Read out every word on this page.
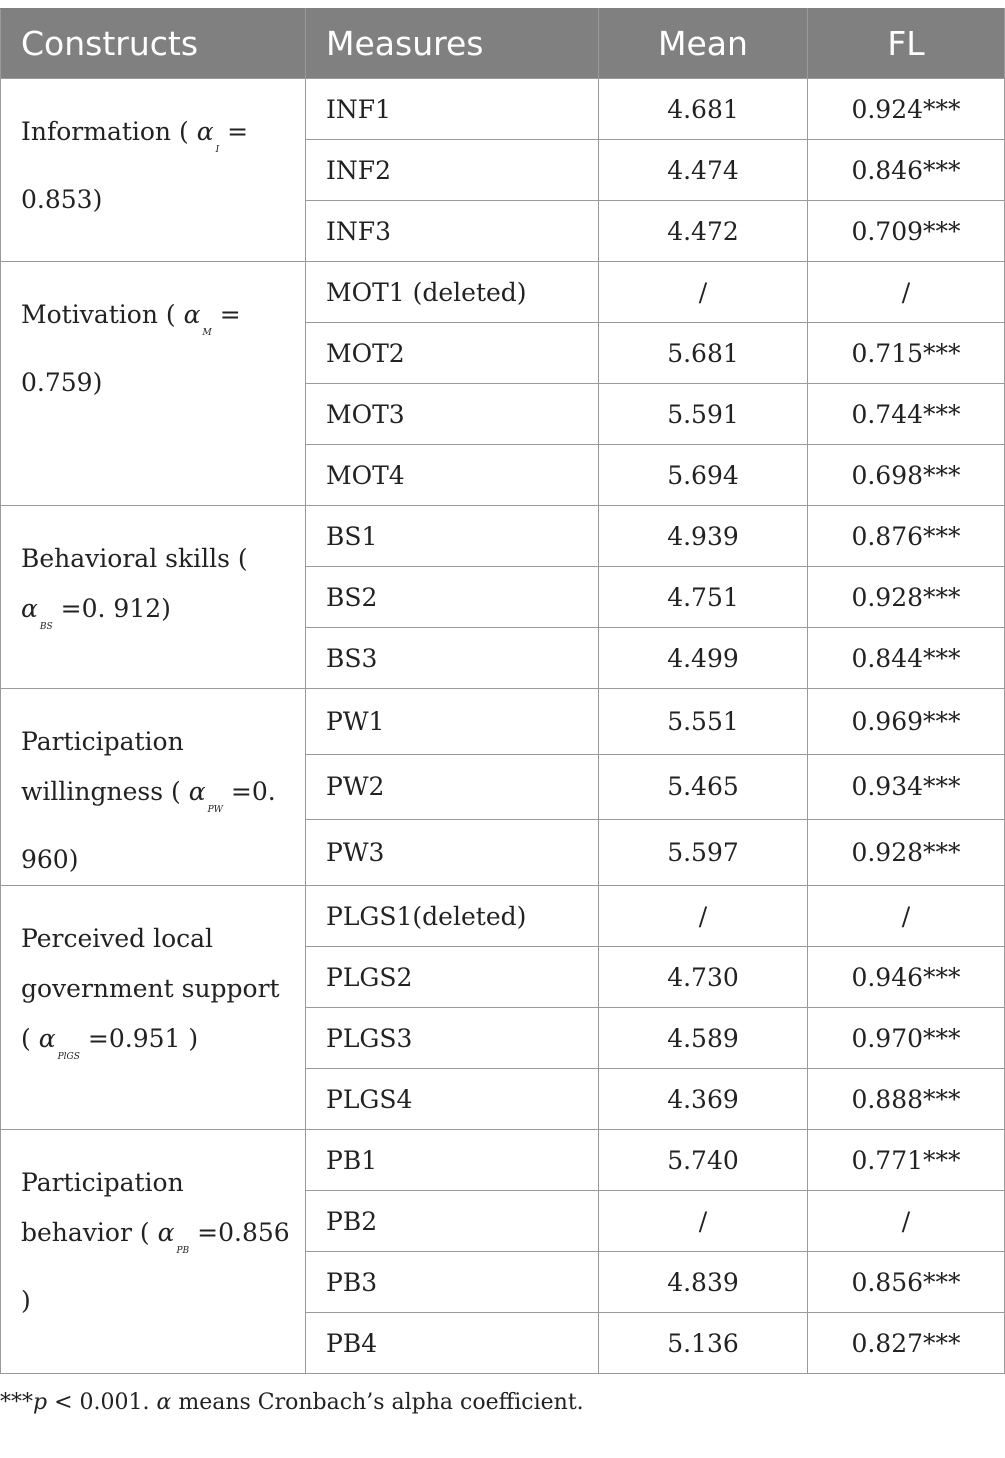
Constructs	Measures	Mean	FL
Information ( $\alpha_I= 0.853$)	INF1	4.681	0.924***
	INF2	4.474	0.846***
	INF3	4.472	0.709***
Motivation ( $\alpha_M= 0.759$)	MOT1 (deleted)	/	/
	MOT2	5.681	0.715***
	MOT3	5.591	0.744***
	MOT4	5.694	0.698***
Behavioral skills ( $\alpha_{BS}=0$. 912)	BS1	4.939	0.876***
	BS2	4.751	0.928***
	BS3	4.499	0.844***
Participation willingness ( $\alpha_{PW}=0$. 960)	PW1	5.551	0.969***
	PW2	5.465	0.934***
	PW3	5.597	0.928***
Perceived local government support ( $\alpha_{PlGS}=0.951$ )	PLGS1(deleted)	/	/
	PLGS2	4.730	0.946***
	PLGS3	4.589	0.970***
	PLGS4	4.369	0.888***
Participation behavior ( $\alpha_{PB}=0.856$ )	PB1	5.740	0.771***
	PB2	/	/
	PB3	4.839	0.856***
	PB4	5.136	0.827***
***p < 0.001. α means Cronbach’s alpha coefficient.
